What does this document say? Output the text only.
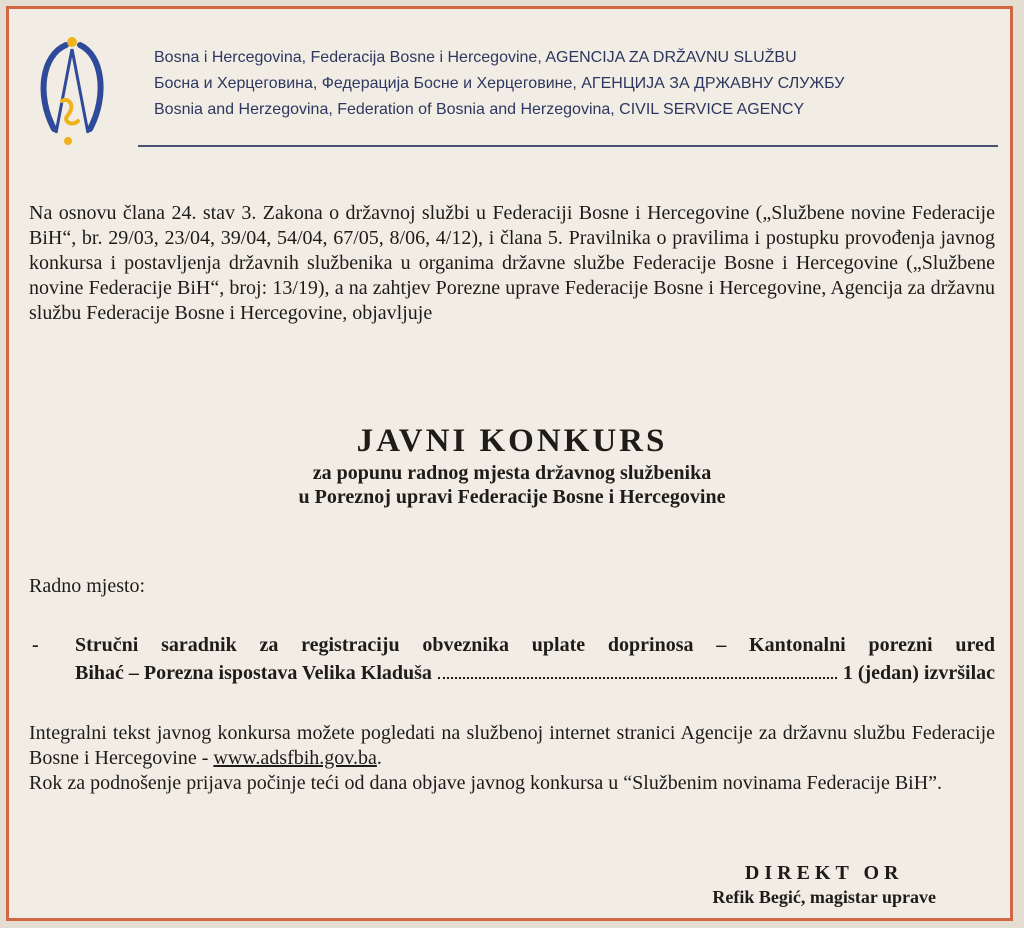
Bosna i Hercegovina, Federacija Bosne i Hercegovine, AGENCIJA ZA DRŽAVNU SLUŽBU
Босна и Херцеговина, Федерација Босне и Херцеговине, АГЕНЦИЈА ЗА ДРЖАВНУ СЛУЖБУ
Bosnia and Herzegovina, Federation of Bosnia and Herzegovina, CIVIL SERVICE AGENCY
Na osnovu člana 24. stav 3. Zakona o državnoj službi u Federaciji Bosne i Hercegovine („Službene novine Federacije BiH“, br. 29/03, 23/04, 39/04, 54/04, 67/05, 8/06, 4/12), i člana 5. Pravilnika o pravilima i postupku provođenja javnog konkursa i postavljenja državnih službenika u organima državne službe Federacije Bosne i Hercegovine („Službene novine Federacije BiH“, broj: 13/19), a na zahtjev Porezne uprave Federacije Bosne i Hercegovine, Agencija za državnu službu Federacije Bosne i Hercegovine, objavljuje
JAVNI KONKURS
za popunu radnog mjesta državnog službenika
u Poreznoj upravi Federacije Bosne i Hercegovine
Radno mjesto:
- Stručni saradnik za registraciju obveznika uplate doprinosa – Kantonalni porezni ured
Bihać – Porezna ispostava Velika Kladuša	1 (jedan) izvršilac
Integralni tekst javnog konkursa možete pogledati na službenoj internet stranici Agencije za državnu službu Federacije Bosne i Hercegovine - www.adsfbih.gov.ba.
Rok za podnošenje prijava počinje teći od dana objave javnog konkursa u “Službenim novinama Federacije BiH”.
DIREKT OR
Refik Begić, magistar uprave
